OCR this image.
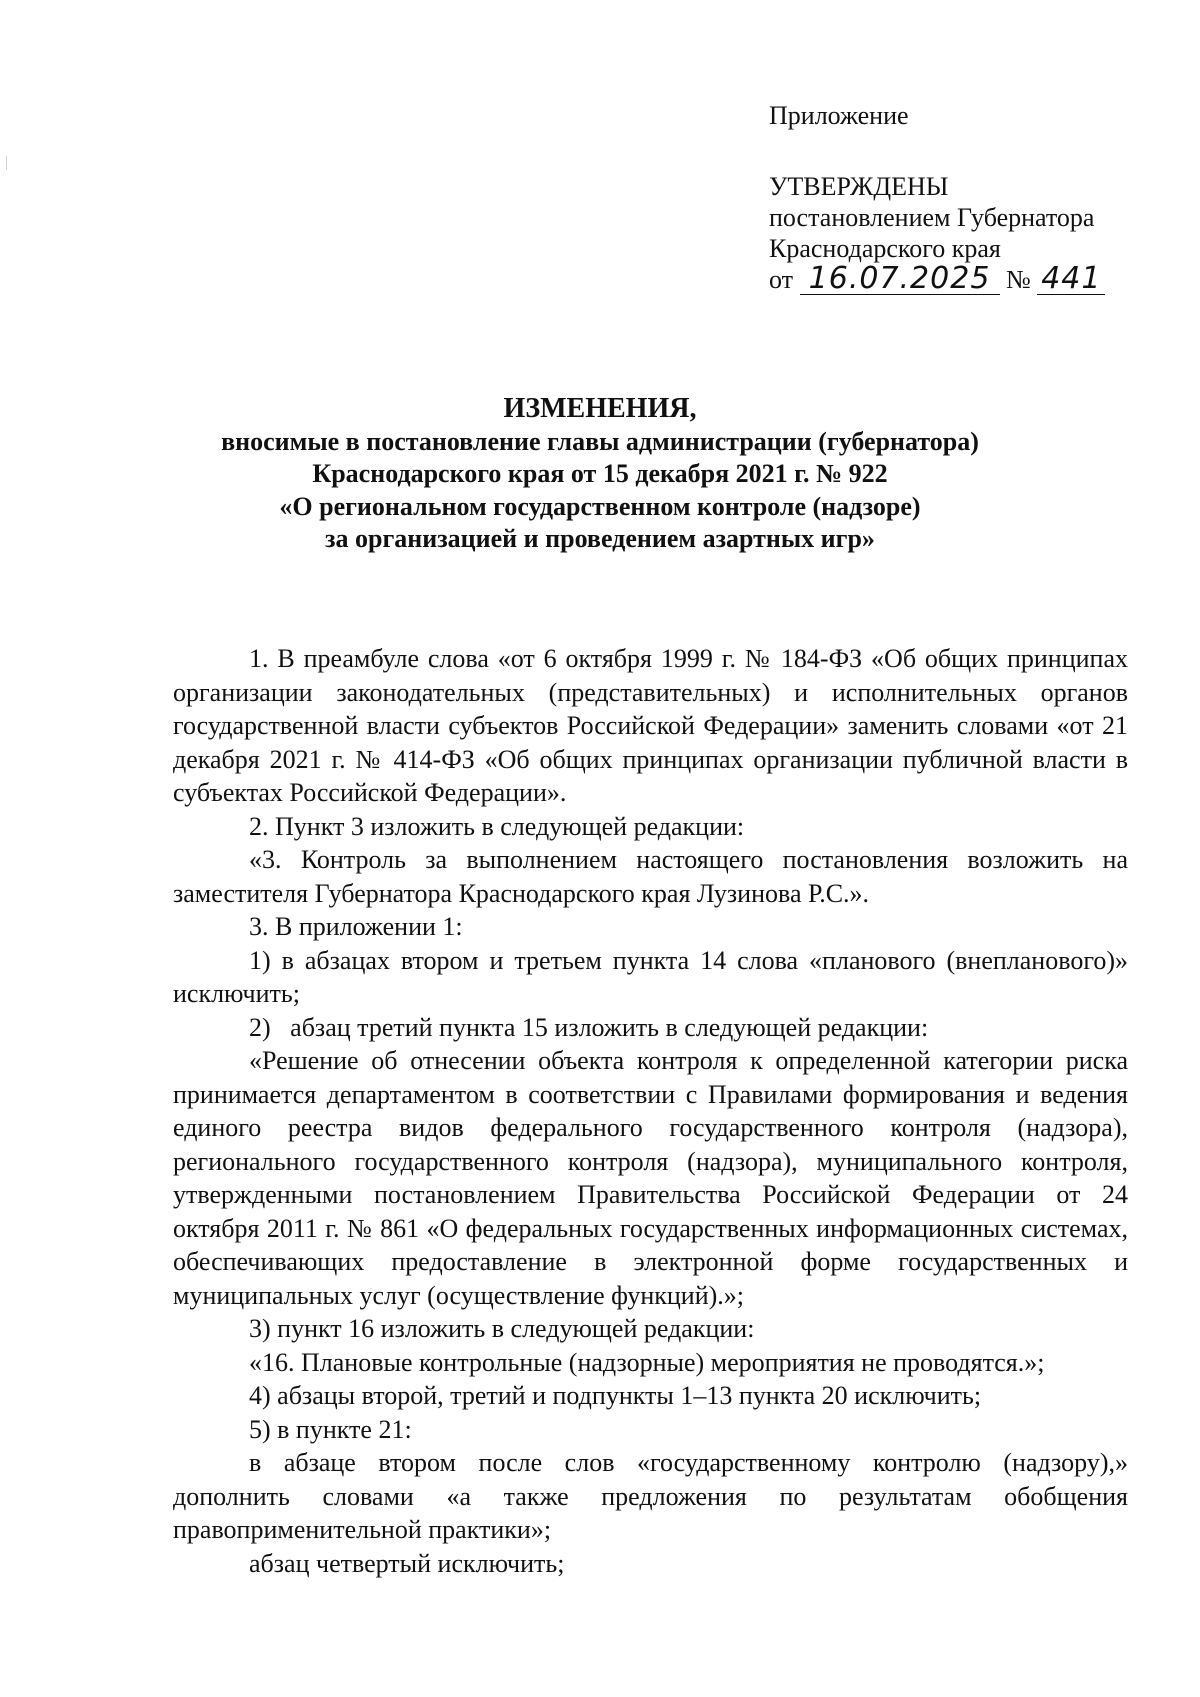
Приложение
УТВЕРЖДЕНЫ
постановлением Губернатора
Краснодарского края
от 16.07.2025 № 441
ИЗМЕНЕНИЯ,
вносимые в постановление главы администрации (губернатора)
Краснодарского края от 15 декабря 2021 г. № 922
«О региональном государственном контроле (надзоре)
за организацией и проведением азартных игр»

1. В преамбуле слова «от 6 октября 1999 г. № 184-ФЗ «Об общих принципах организации законодательных (представительных) и исполнительных органов государственной власти субъектов Российской Федерации» заменить словами «от 21 декабря 2021 г. № 414-ФЗ «Об общих принципах организации публичной власти в субъектах Российской Федерации».

2. Пункт 3 изложить в следующей редакции:

«3. Контроль за выполнением настоящего постановления возложить на заместителя Губернатора Краснодарского края Лузинова Р.С.».

3. В приложении 1:

1) в абзацах втором и третьем пункта 14 слова «планового (внепланового)» исключить;

2)   абзац третий пункта 15 изложить в следующей редакции:

«Решение об отнесении объекта контроля к определенной категории риска принимается департаментом в соответствии с Правилами формирования и ведения единого реестра видов федерального государственного контроля (надзора), регионального государственного контроля (надзора), муниципального контроля, утвержденными постановлением Правительства Российской Федерации от 24 октября 2011 г. № 861 «О федеральных государственных информационных системах, обеспечивающих предоставление в электронной форме государственных и муниципальных услуг (осуществление функций).»;

3) пункт 16 изложить в следующей редакции:

«16. Плановые контрольные (надзорные) мероприятия не проводятся.»;

4) абзацы второй, третий и подпункты 1–13 пункта 20 исключить;

5) в пункте 21:

в абзаце втором после слов «государственному контролю (надзору),» дополнить словами «а также предложения по результатам обобщения правоприменительной практики»;

абзац четвертый исключить;
